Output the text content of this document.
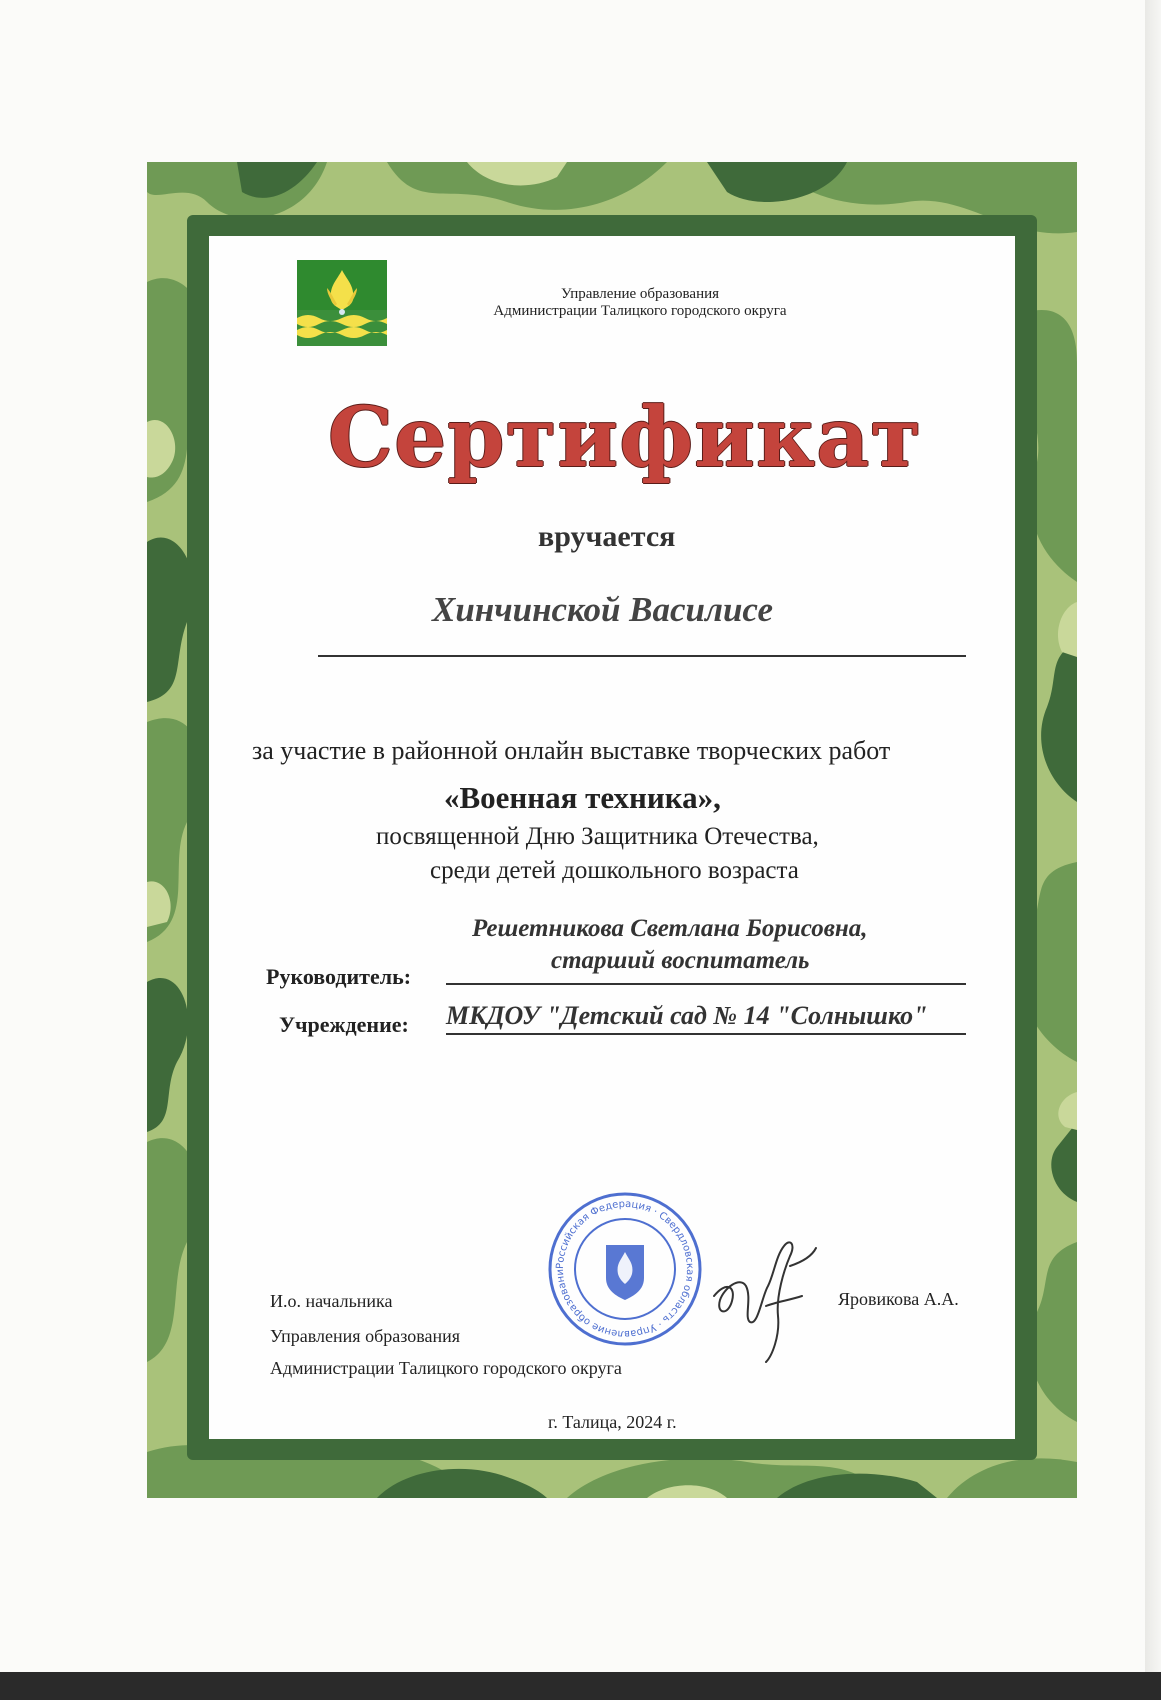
Управление образования
Администрации Талицкого городского округа
Сертификат
вручается
Хинчинской Василисе
за участие в районной онлайн выставке творческих работ
«Военная техника»,
посвященной Дню Защитника Отечества,
среди детей дошкольного возраста
Решетникова Светлана Борисовна,
старший воспитатель
Руководитель:
Учреждение: МКДОУ "Детский сад № 14 "Солнышко"
Российская Федерация · Свердловская область · Управление образовани
И.о. начальника
Управления образования
Администрации Талицкого городского округа
Яровикова А.А.
г. Талица, 2024 г.
